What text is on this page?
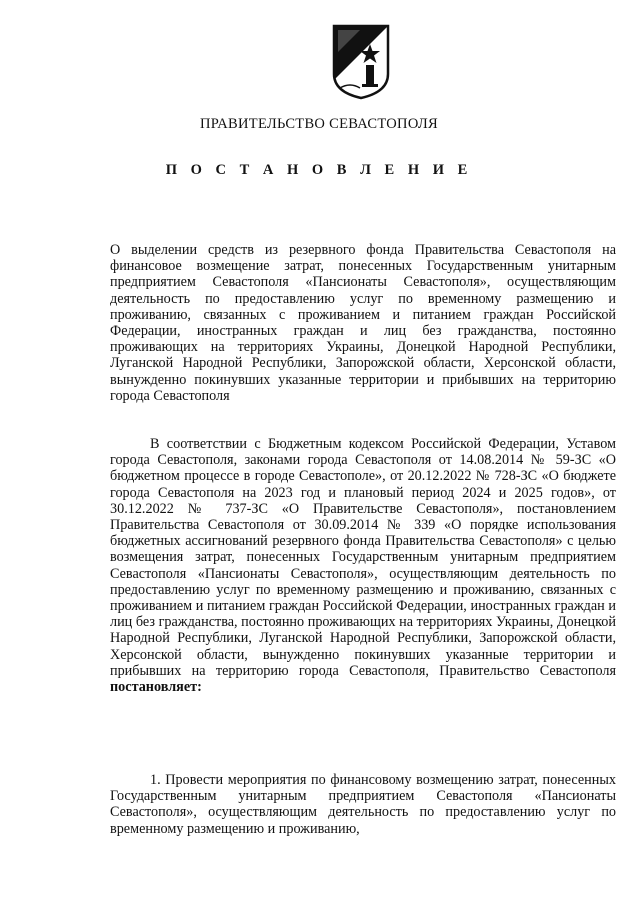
ПРАВИТЕЛЬСТВО СЕВАСТОПОЛЯ

П О С Т А Н О В Л Е Н И Е

О выделении средств из резервного фонда Правительства Севастополя на финансовое возмещение затрат, понесенных Государственным унитарным предприятием Севастополя «Пансионаты Севастополя», осуществляющим деятельность по предоставлению услуг по временному размещению и проживанию, связанных с проживанием и питанием граждан Российской Федерации, иностранных граждан и лиц без гражданства, постоянно проживающих на территориях Украины, Донецкой Народной Республики, Луганской Народной Республики, Запорожской области, Херсонской области, вынужденно покинувших указанные территории и прибывших на территорию города Севастополя

В соответствии с Бюджетным кодексом Российской Федерации, Уставом города Севастополя, законами города Севастополя от 14.08.2014 № 59-ЗС «О бюджетном процессе в городе Севастополе», от 20.12.2022 № 728-ЗС «О бюджете города Севастополя на 2023 год и плановый период 2024 и 2025 годов», от 30.12.2022 № 737-ЗС «О Правительстве Севастополя», постановлением Правительства Севастополя от 30.09.2014 № 339 «О порядке использования бюджетных ассигнований резервного фонда Правительства Севастополя» с целью возмещения затрат, понесенных Государственным унитарным предприятием Севастополя «Пансионаты Севастополя», осуществляющим деятельность по предоставлению услуг по временному размещению и проживанию, связанных с проживанием и питанием граждан Российской Федерации, иностранных граждан и лиц без гражданства, постоянно проживающих на территориях Украины, Донецкой Народной Республики, Луганской Народной Республики, Запорожской области, Херсонской области, вынужденно покинувших указанные территории и прибывших на территорию города Севастополя, Правительство Севастополя постановляет:

1. Провести мероприятия по финансовому возмещению затрат, понесенных Государственным унитарным предприятием Севастополя «Пансионаты Севастополя», осуществляющим деятельность по предоставлению услуг по временному размещению и проживанию,
